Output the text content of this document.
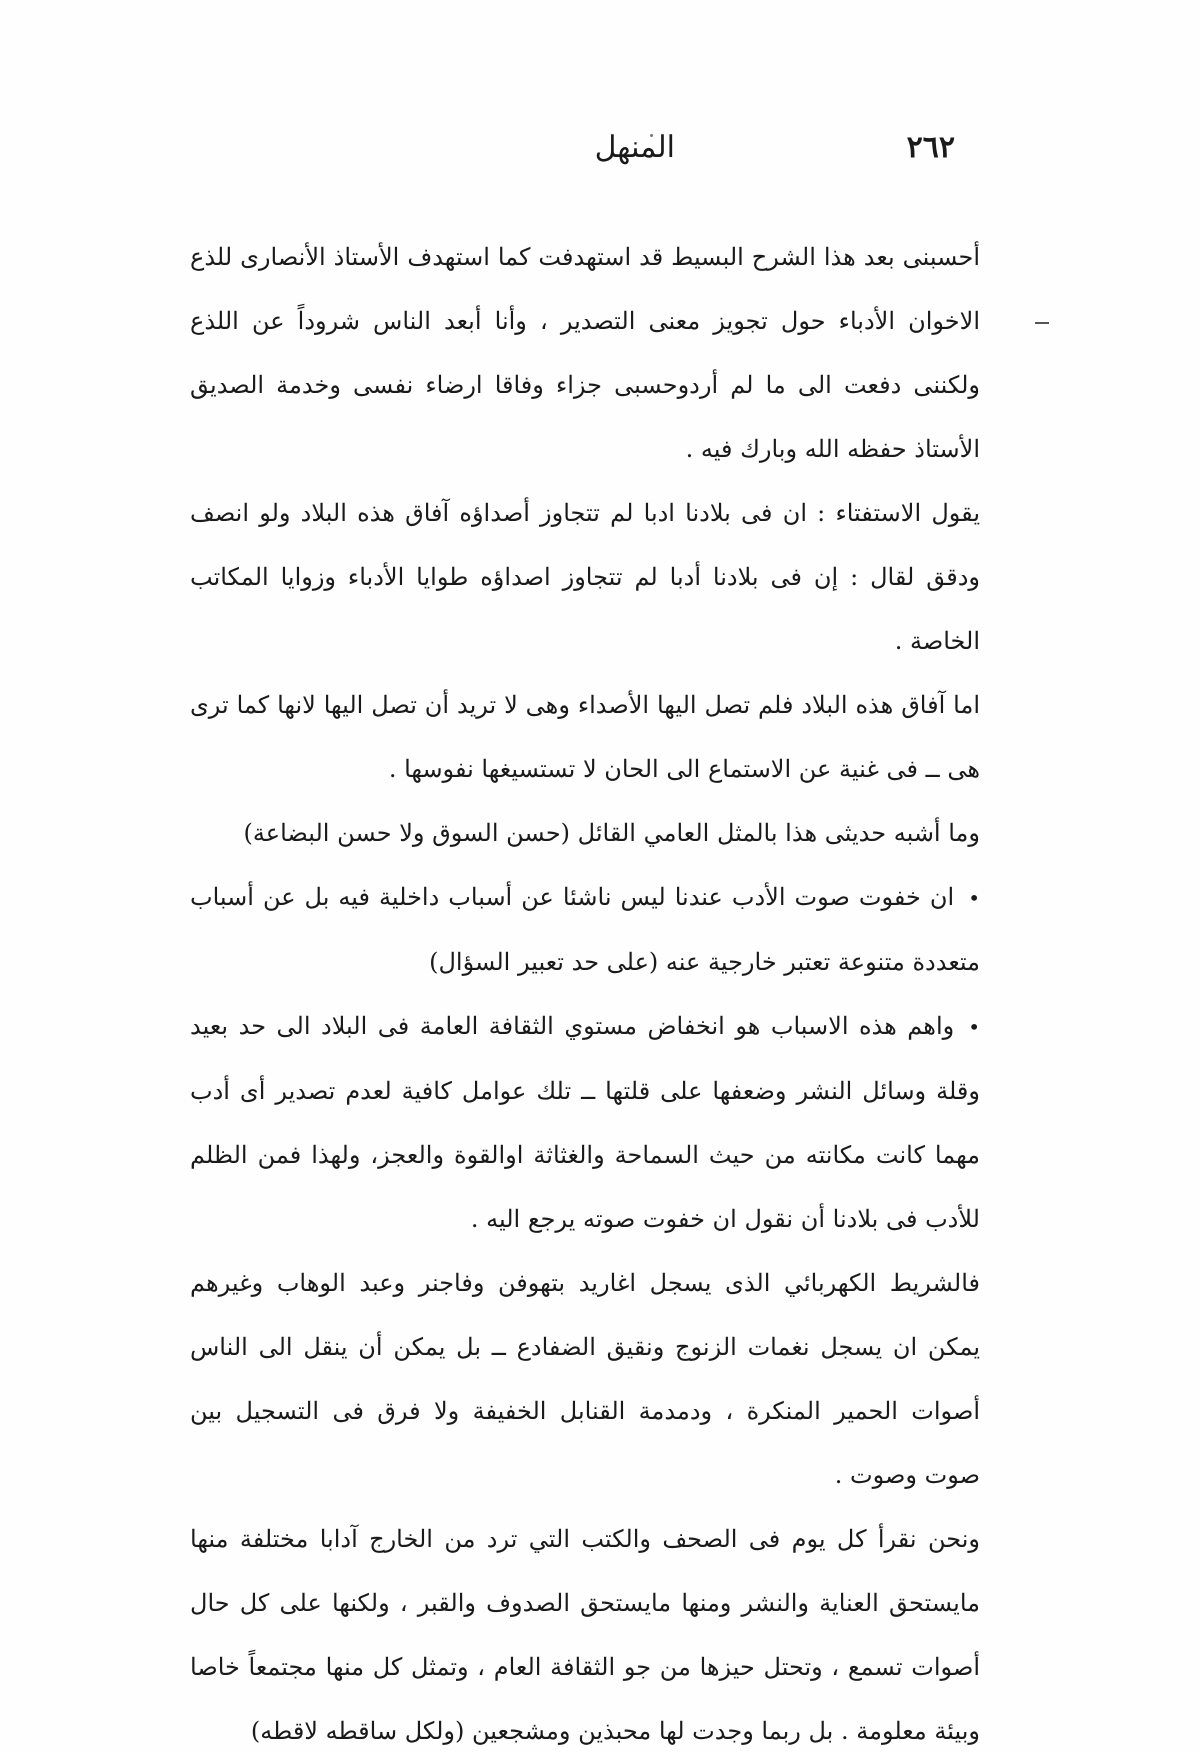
٢٦٢
المنهل

أحسبنى بعد هذا الشرح البسيط قد استهدفت كما استهدف الأستاذ الأنصارى للذع الاخوان الأدباء حول تجويز معنى التصدير ، وأنا أبعد الناس شروداً عن اللذع ولكننى دفعت الى ما لم أردوحسبى جزاء وفاقا ارضاء نفسى وخدمة الصديق الأستاذ حفظه الله وبارك فيه .

يقول الاستفتاء : ان فى بلادنا ادبا لم تتجاوز أصداؤه آفاق هذه البلاد ولو انصف ودقق لقال : إن فى بلادنا أدبا لم تتجاوز اصداؤه طوايا الأدباء وزوايا المكاتب الخاصة .

اما آفاق هذه البلاد فلم تصل اليها الأصداء وهى لا تريد أن تصل اليها لانها كما ترى هى ــ فى غنية عن الاستماع الى الحان لا تستسيغها نفوسها .

وما أشبه حديثى هذا بالمثل العامي القائل (حسن السوق ولا حسن البضاعة)

•ان خفوت صوت الأدب عندنا ليس ناشئا عن أسباب داخلية فيه بل عن أسباب متعددة متنوعة تعتبر خارجية عنه (على حد تعبير السؤال)

•واهم هذه الاسباب هو انخفاض مستوي الثقافة العامة فى البلاد الى حد بعيد وقلة وسائل النشر وضعفها على قلتها ــ تلك عوامل كافية لعدم تصدير أى أدب مهما كانت مكانته من حيث السماحة والغثاثة اوالقوة والعجز، ولهذا فمن الظلم للأدب فى بلادنا أن نقول ان خفوت صوته يرجع اليه .

فالشريط الكهربائي الذى يسجل اغاريد بتهوفن وفاجنر وعبد الوهاب وغيرهم يمكن ان يسجل نغمات الزنوج ونقيق الضفادع ــ بل يمكن أن ينقل الى الناس أصوات الحمير المنكرة ، ودمدمة القنابل الخفيفة ولا فرق فى التسجيل بين صوت وصوت .

ونحن نقرأ كل يوم فى الصحف والكتب التي ترد من الخارج آدابا مختلفة منها مايستحق العناية والنشر ومنها مايستحق الصدوف والقبر ، ولكنها على كل حال أصوات تسمع ، وتحتل حيزها من جو الثقافة العام ، وتمثل كل منها مجتمعاً خاصا وبيئة معلومة . بل ربما وجدت لها محبذين ومشجعين (ولكل ساقطه لاقطه)
